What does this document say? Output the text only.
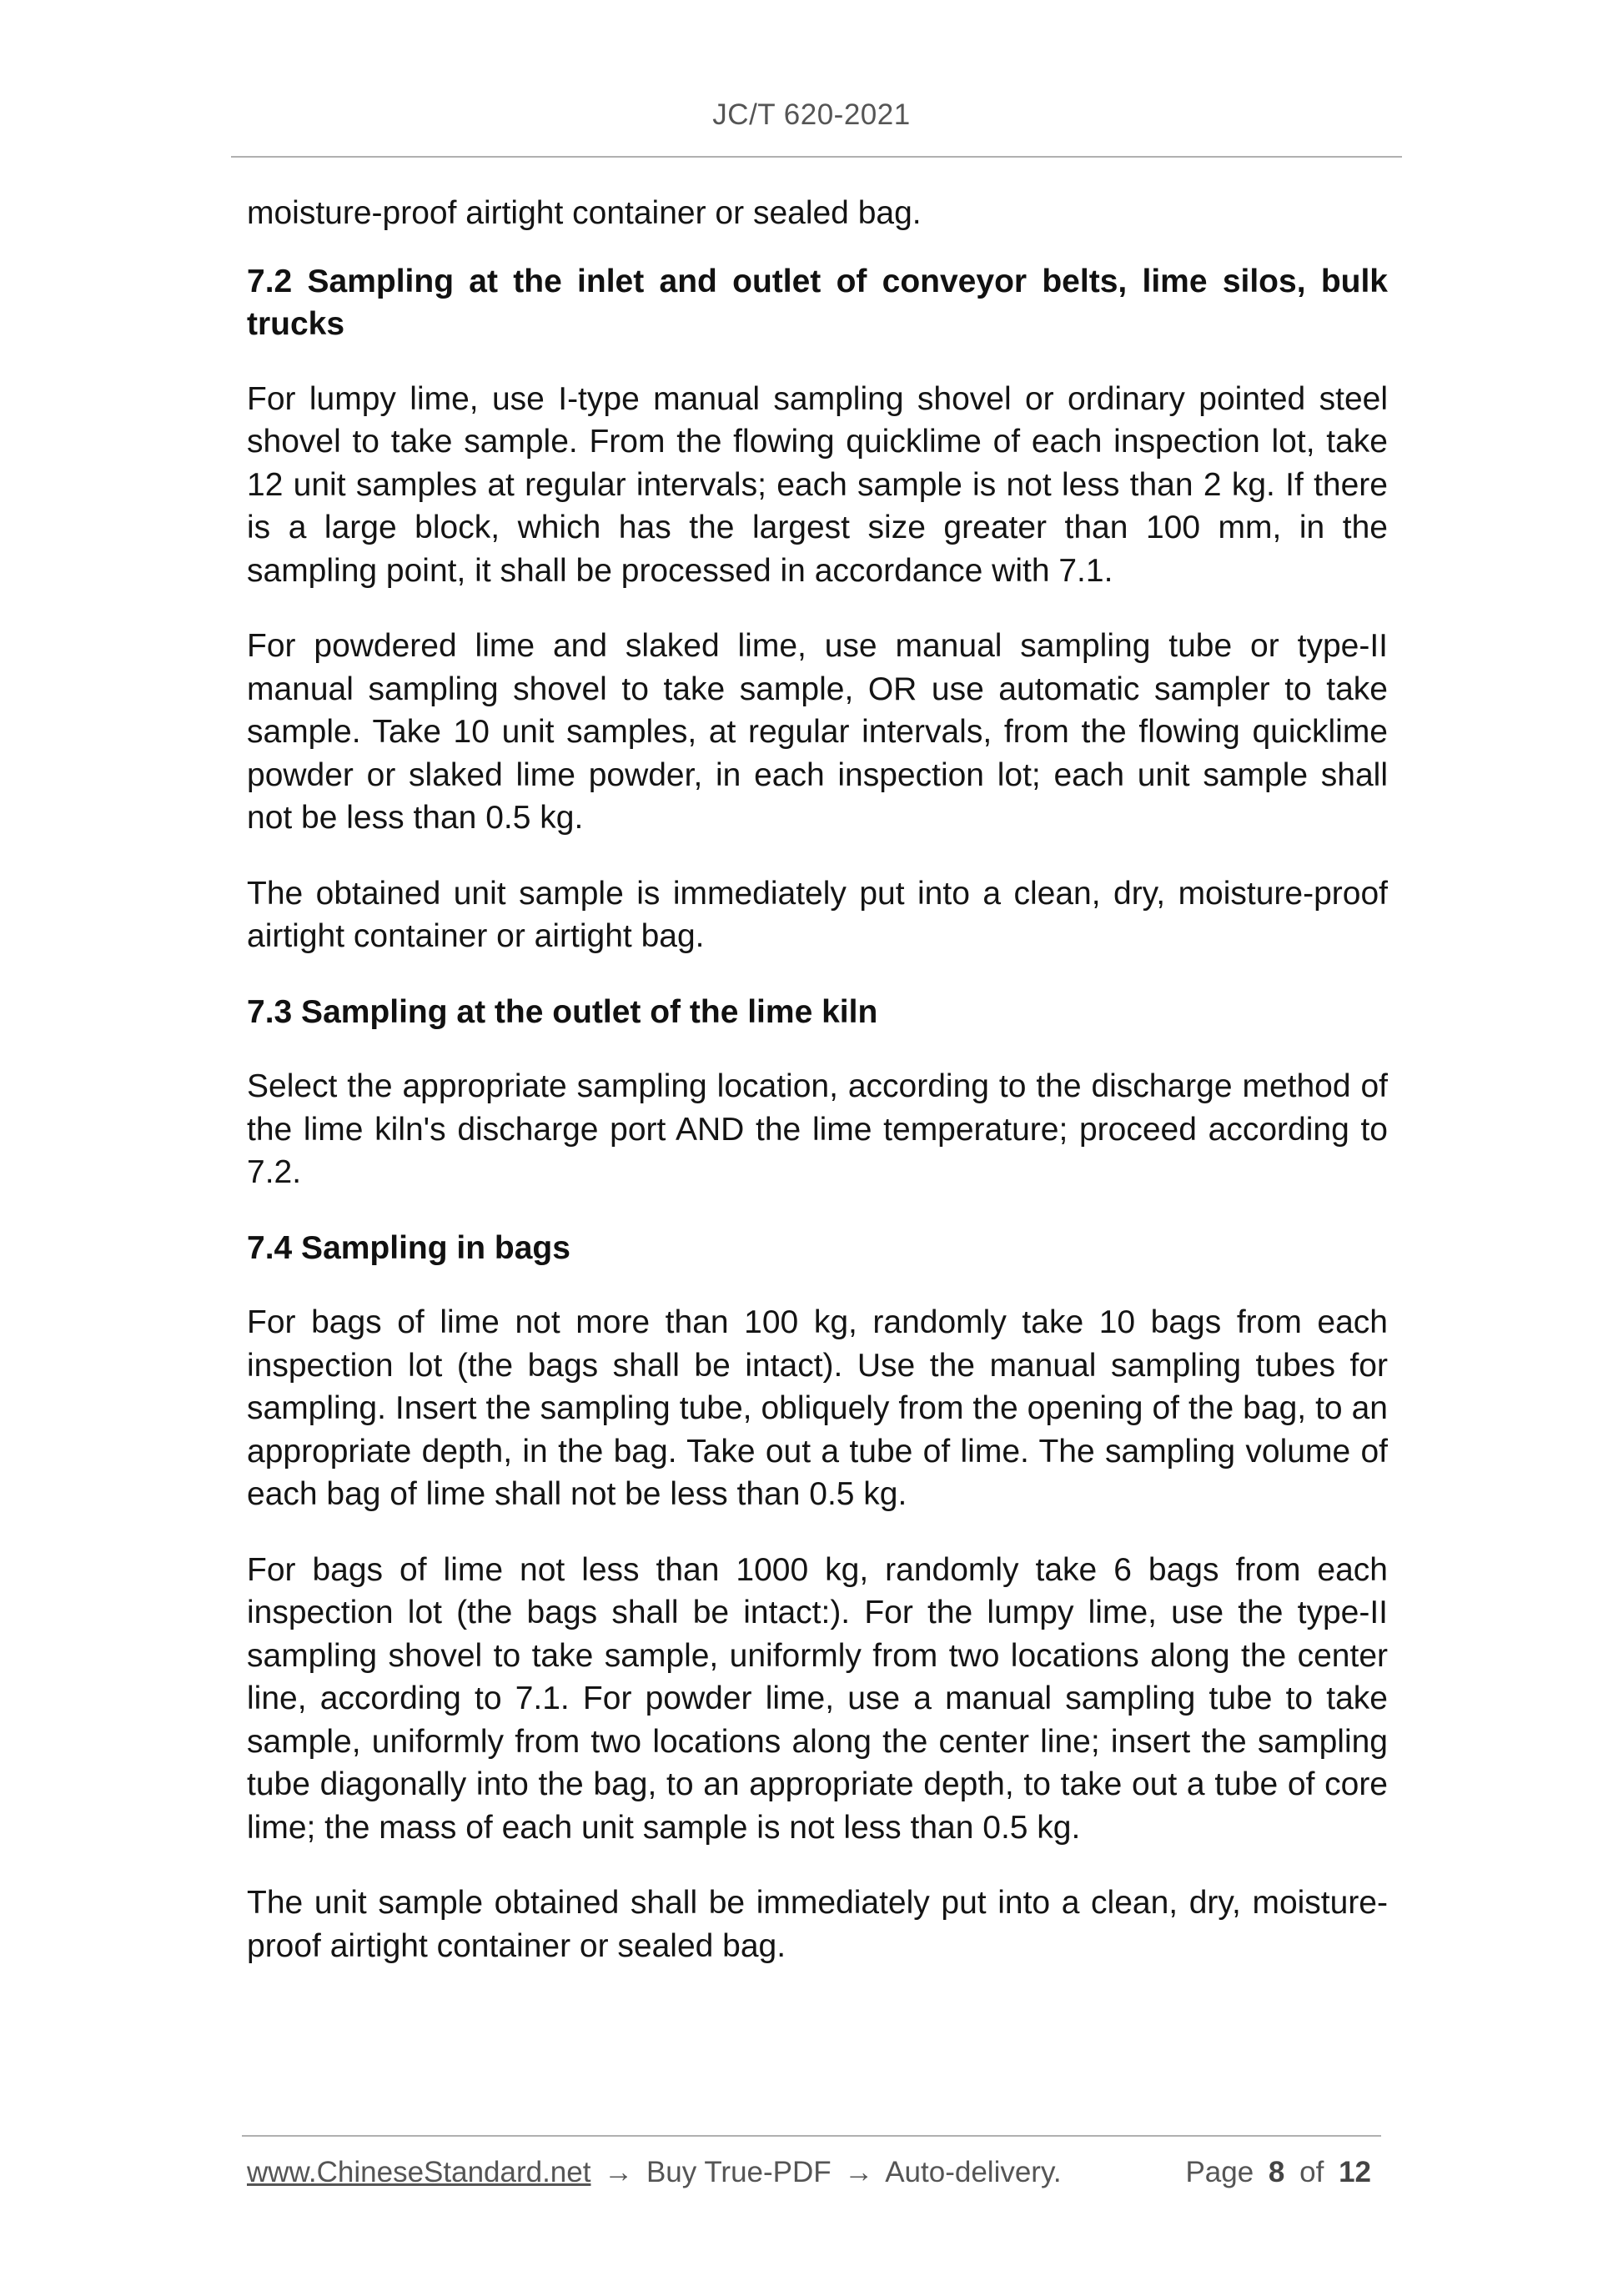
JC/T 620-2021

moisture-proof airtight container or sealed bag.

7.2 Sampling at the inlet and outlet of conveyor belts, lime silos, bulk trucks

For lumpy lime, use I-type manual sampling shovel or ordinary pointed steel shovel to take sample. From the flowing quicklime of each inspection lot, take 12 unit samples at regular intervals; each sample is not less than 2 kg. If there is a large block, which has the largest size greater than 100 mm, in the sampling point, it shall be processed in accordance with 7.1.

For powdered lime and slaked lime, use manual sampling tube or type-II manual sampling shovel to take sample, OR use automatic sampler to take sample. Take 10 unit samples, at regular intervals, from the flowing quicklime powder or slaked lime powder, in each inspection lot; each unit sample shall not be less than 0.5 kg.

The obtained unit sample is immediately put into a clean, dry, moisture-proof airtight container or airtight bag.

7.3 Sampling at the outlet of the lime kiln

Select the appropriate sampling location, according to the discharge method of the lime kiln's discharge port AND the lime temperature; proceed according to 7.2.

7.4 Sampling in bags

For bags of lime not more than 100 kg, randomly take 10 bags from each inspection lot (the bags shall be intact). Use the manual sampling tubes for sampling. Insert the sampling tube, obliquely from the opening of the bag, to an appropriate depth, in the bag. Take out a tube of lime. The sampling volume of each bag of lime shall not be less than 0.5 kg.

For bags of lime not less than 1000 kg, randomly take 6 bags from each inspection lot (the bags shall be intact:). For the lumpy lime, use the type-II sampling shovel to take sample, uniformly from two locations along the center line, according to 7.1. For powder lime, use a manual sampling tube to take sample, uniformly from two locations along the center line; insert the sampling tube diagonally into the bag, to an appropriate depth, to take out a tube of core lime; the mass of each unit sample is not less than 0.5 kg.

The unit sample obtained shall be immediately put into a clean, dry, moisture-proof airtight container or sealed bag.

www.ChineseStandard.net → Buy True-PDF → Auto-delivery.	Page 8 of 12
